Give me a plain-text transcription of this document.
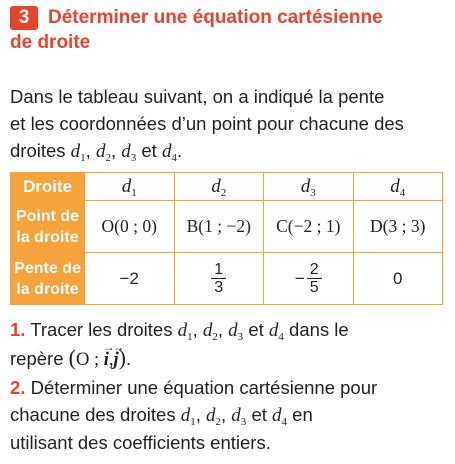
3 Déterminer une équation cartésienne
de droite
Dans le tableau suivant, on a indiqué la pente
et les coordonnées d’un point pour chacune des
droites $d_1$, $d_2$, $d_3$ et $d_4$.
Droite	$d_1$	$d_2$	$d_3$	$d_4$
Point de
la droite	O(0 ; 0)	B(1 ; −2)	C(−2 ; 1)	D(3 ; 3)
Pente de
la droite	−2	$\frac{1}{3}$	− $\frac{2}{5}$	0
1. Tracer les droites $d_1$, $d_2$, $d_3$ et $d_4$ dans le
repère (O ; → i,→ j).
2. Déterminer une équation cartésienne pour
chacune des droites $d_1$, $d_2$, $d_3$ et $d_4$ en
utilisant des coefficients entiers.
